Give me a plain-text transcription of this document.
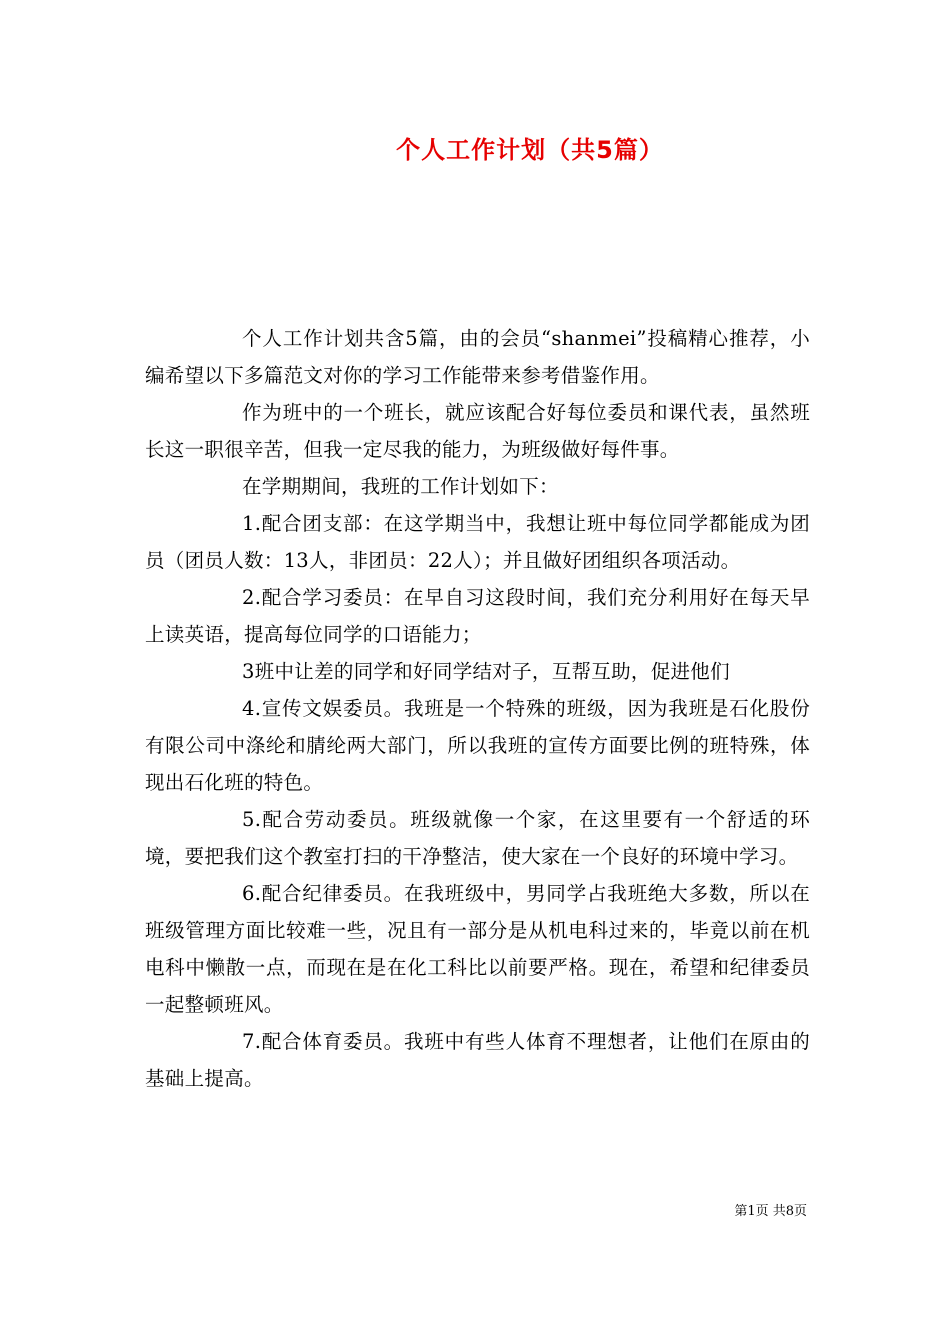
个人工作计划（共5篇）

个人工作计划共含5篇，由的会员“shanmei”投稿精心推荐，小编希望以下多篇范文对你的学习工作能带来参考借鉴作用。

作为班中的一个班长，就应该配合好每位委员和课代表，虽然班长这一职很辛苦，但我一定尽我的能力，为班级做好每件事。

在学期期间，我班的工作计划如下：

1.配合团支部：在这学期当中，我想让班中每位同学都能成为团员（团员人数：13人，非团员：22人）；并且做好团组织各项活动。

2.配合学习委员：在早自习这段时间，我们充分利用好在每天早上读英语，提高每位同学的口语能力；

3班中让差的同学和好同学结对子，互帮互助，促进他们

4.宣传文娱委员。我班是一个特殊的班级，因为我班是石化股份有限公司中涤纶和腈纶两大部门，所以我班的宣传方面要比例的班特殊，体现出石化班的特色。

5.配合劳动委员。班级就像一个家，在这里要有一个舒适的环境，要把我们这个教室打扫的干净整洁，使大家在一个良好的环境中学习。

6.配合纪律委员。在我班级中，男同学占我班绝大多数，所以在班级管理方面比较难一些，况且有一部分是从机电科过来的，毕竟以前在机电科中懒散一点，而现在是在化工科比以前要严格。现在，希望和纪律委员一起整顿班风。

7.配合体育委员。我班中有些人体育不理想者，让他们在原由的基础上提高。

第1页 共8页
